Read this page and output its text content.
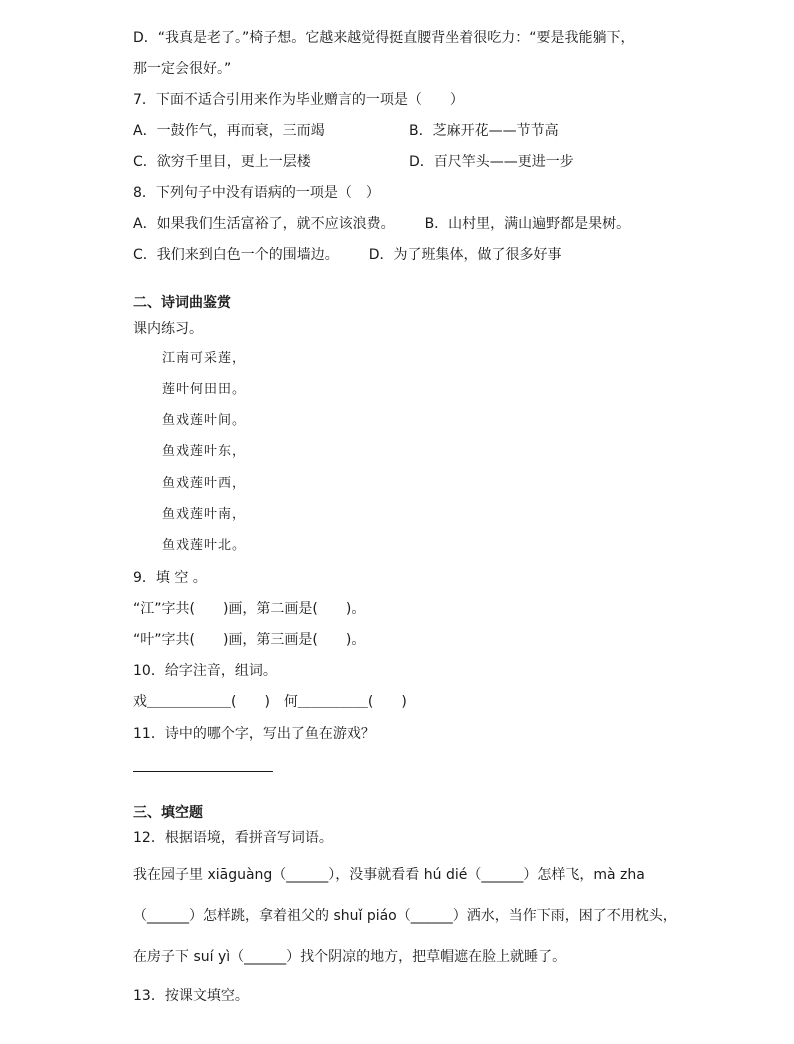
D．“我真是老了。”椅子想。它越来越觉得挺直腰背坐着很吃力：“要是我能躺下，
那一定会很好。”
7．下面不适合引用来作为毕业赠言的一项是（　　）
A．一鼓作气，再而衰，三而竭	B．芝麻开花——节节高
C．欲穷千里目，更上一层楼	D．百尺竿头——更进一步
8．下列句子中没有语病的一项是（　）
A．如果我们生活富裕了，就不应该浪费。 B．山村里，满山遍野都是果树。
C．我们来到白色一个的围墙边。 D．为了班集体，做了很多好事
二、诗词曲鉴赏
课内练习。
江南可采莲，
莲叶何田田。
鱼戏莲叶间。
鱼戏莲叶东，
鱼戏莲叶西，
鱼戏莲叶南，
鱼戏莲叶北。
9．填 空 。
“江”字共(　　)画，第二画是(　　)。
“叶”字共(　　)画，第三画是(　　)。
10．给字注音，组词。
戏＿＿＿＿＿＿(　　)　何＿＿＿＿＿(　　)
11．诗中的哪个字，写出了鱼在游戏？
三、填空题
12．根据语境，看拼音写词语。
我在园子里 xiāguàng（______），没事就看看 hú dié（______）怎样飞，mà zha
（______）怎样跳，拿着祖父的 shuǐ piáo（______）洒水，当作下雨，困了不用枕头，
在房子下 suí yì（______）找个阴凉的地方，把草帽遮在脸上就睡了。
13．按课文填空。
